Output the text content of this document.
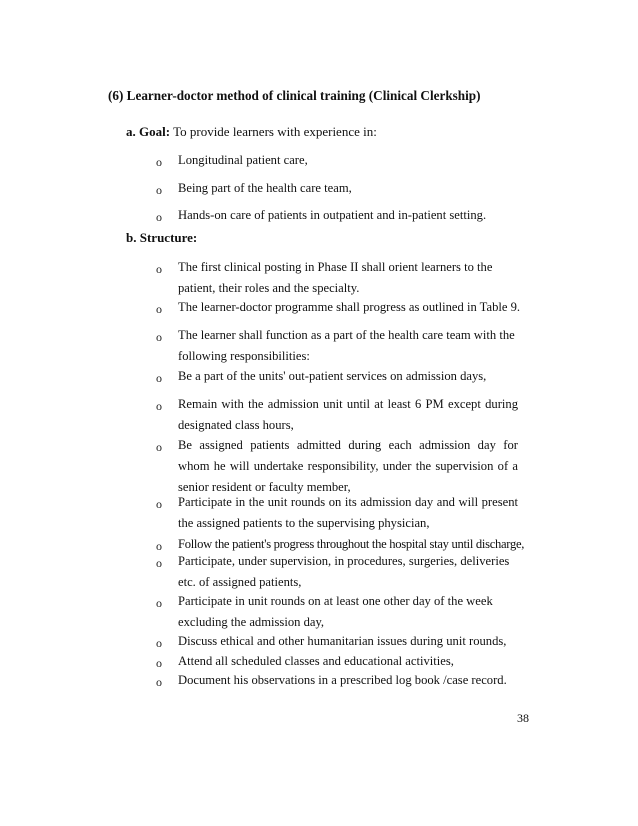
(6) Learner-doctor method of clinical training (Clinical Clerkship)
a. Goal: To provide learners with experience in:
o Longitudinal patient care,
o Being part of the health care team,
o Hands-on care of patients in outpatient and in-patient setting.
b. Structure:
o The first clinical posting in Phase II shall orient learners to the patient, their roles and the specialty.
o The learner-doctor programme shall progress as outlined in Table 9.
o The learner shall function as a part of the health care team with the following responsibilities:
o Be a part of the units' out-patient services on admission days,
o Remain with the admission unit until at least 6 PM except during designated class hours,
o Be assigned patients admitted during each admission day for whom he will undertake responsibility, under the supervision of a senior resident or faculty member,
o Participate in the unit rounds on its admission day and will present the assigned patients to the supervising physician,
o Follow the patient's progress throughout the hospital stay until discharge,
o Participate, under supervision, in procedures, surgeries, deliveries etc. of assigned patients,
o Participate in unit rounds on at least one other day of the week excluding the admission day,
o Discuss ethical and other humanitarian issues during unit rounds,
o Attend all scheduled classes and educational activities,
o Document his observations in a prescribed log book /case record.
38
